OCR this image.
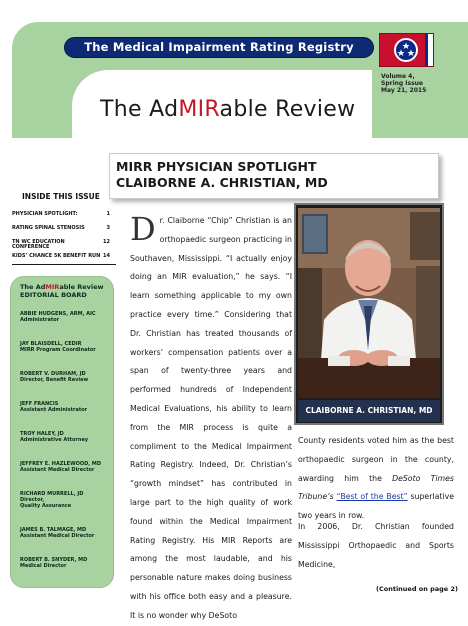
The Medical Impairment Rating Registry
Volume 4,
Spring Issue
May 21, 2015
The AdMIRable Review
MIRR PHYSICIAN SPOTLIGHT
CLAIBORNE A. CHRISTIAN, MD
INSIDE THIS ISSUE
PHYSICIAN SPOTLIGHT:	1
RATING SPINAL STENOSIS	3
TN WC EDUCATION CONFERENCE
12
KIDS’ CHANCE 5K BENEFIT RUN 14
The AdMIRable Review
EDITORIAL BOARD
ABBIE HUDGENS, ARM, AIC
Administrator
JAY BLAISDELL, CEDIR
MIRR Program Coordinator
ROBERT V. DURHAM, JD
Director, Benefit Review
JEFF FRANCIS
Assistant Administrator
TROY HALEY, JD
Administrative Attorney
JEFFREY E. HAZLEWOOD, MD
Assistant Medical Director
RICHARD MURRELL, JD
Director,
Quality Assurance
JAMES B. TALMAGE, MD
Assistant Medical Director
ROBERT B. SNYDER, MD
Medical Director
Dr. Claiborne “Chip” Christian is an orthopaedic surgeon practicing in Southaven, Mississippi. “I actually enjoy doing an MIR evaluation,” he says. “I learn something applicable to my own practice every time.” Considering that Dr. Christian has treated thousands of workers’ compensation patients over a span of twenty-three years and performed hundreds of Independent Medical Evaluations, his ability to learn from the MIR process is quite a compliment to the Medical Impairment Rating Registry. Indeed, Dr. Christian’s “growth mindset” has contributed in large part to the high quality of work found within the Medical Impairment Rating Registry. His MIR Reports are among the most laudable, and his personable nature makes doing business with his office both easy and a pleasure. It is no wonder why DeSoto
CLAIBORNE A. CHRISTIAN, MD
County residents voted him as the best orthopaedic surgeon in the county, awarding him the DeSoto Times Tribune’s “Best of the Best” superlative two years in row.
In 2006, Dr. Christian founded Mississippi Orthopaedic and Sports Medicine,
(Continued on page 2)
